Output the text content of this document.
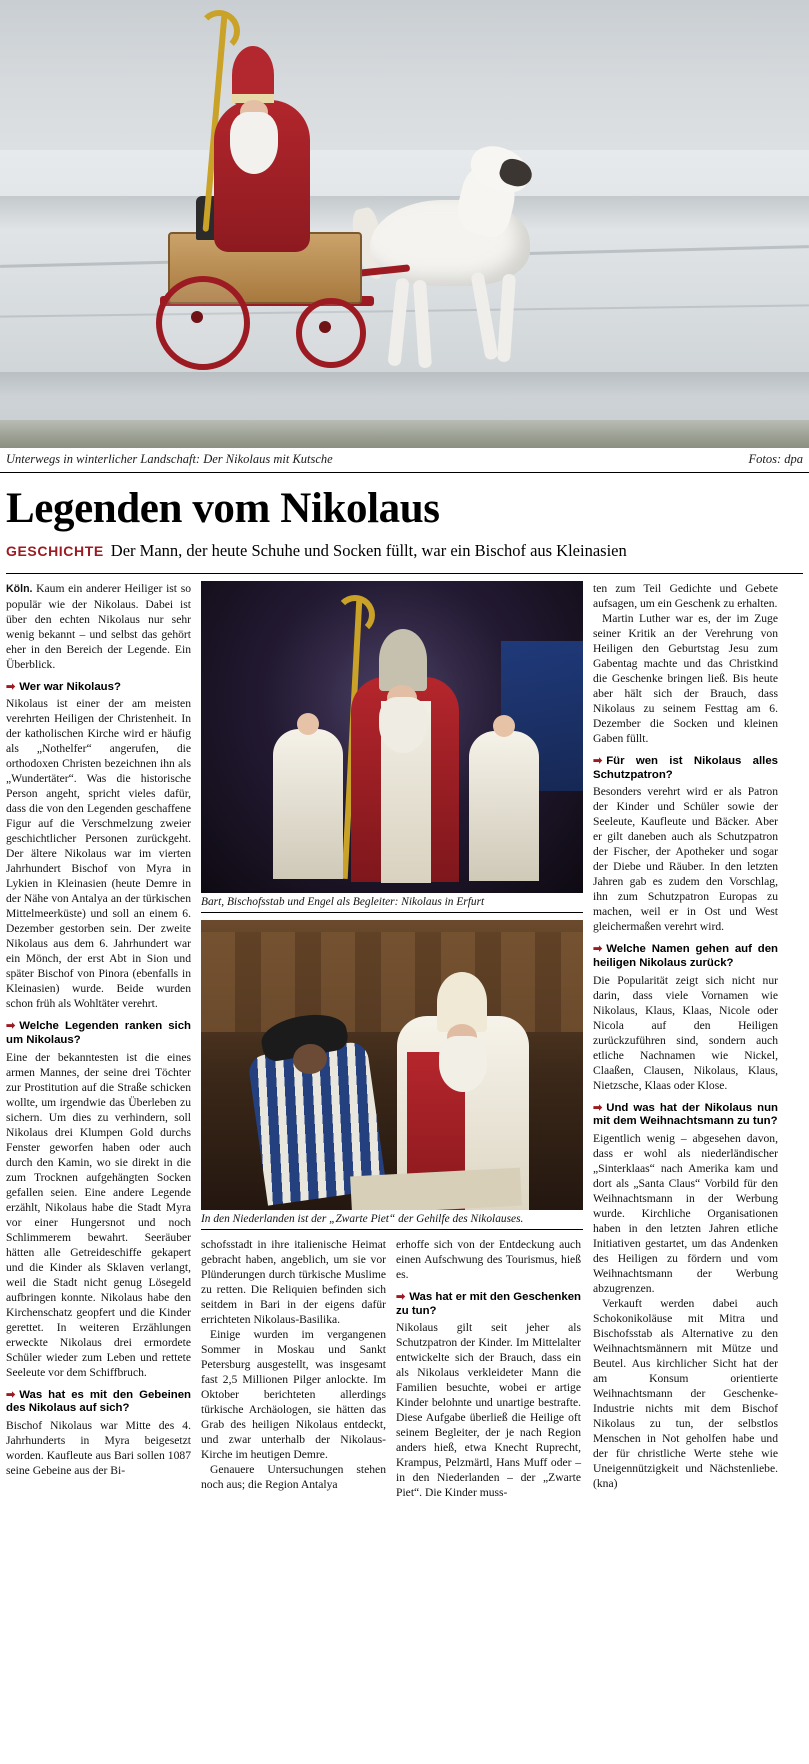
Unterwegs in winterlicher Landschaft: Der Nikolaus mit Kutsche	Fotos: dpa
Legenden vom Nikolaus
GESCHICHTE Der Mann, der heute Schuhe und Socken füllt, war ein Bischof aus Kleinasien

Köln. Kaum ein anderer Heiliger ist so populär wie der Nikolaus. Dabei ist über den echten Nikolaus nur sehr wenig bekannt – und selbst das gehört eher in den Bereich der Legende. Ein Überblick.

➡ Wer war Nikolaus?

Nikolaus ist einer der am meisten verehrten Heiligen der Christenheit. In der katholischen Kirche wird er häufig als „Nothelfer“ angerufen, die orthodoxen Christen bezeichnen ihn als „Wundertäter“. Was die historische Person angeht, spricht vieles dafür, dass die von den Legenden geschaffene Figur auf die Verschmelzung zweier geschichtlicher Personen zurückgeht. Der ältere Nikolaus war im vierten Jahrhundert Bischof von Myra in Lykien in Kleinasien (heute Demre in der Nähe von Antalya an der türkischen Mittelmeerküste) und soll an einem 6. Dezember gestorben sein. Der zweite Nikolaus aus dem 6. Jahrhundert war ein Mönch, der erst Abt in Sion und später Bischof von Pinora (ebenfalls in Kleinasien) wurde. Beide wurden schon früh als Wohltäter verehrt.

➡ Welche Legenden ranken sich um Nikolaus?

Eine der bekanntesten ist die eines armen Mannes, der seine drei Töchter zur Prostitution auf die Straße schicken wollte, um irgendwie das Überleben zu sichern. Um dies zu verhindern, soll Nikolaus drei Klumpen Gold durchs Fenster geworfen haben oder auch durch den Kamin, wo sie direkt in die zum Trocknen aufgehängten Socken gefallen seien. Eine andere Legende erzählt, Nikolaus habe die Stadt Myra vor einer Hungersnot und noch Schlimmerem bewahrt. Seeräuber hätten alle Getreideschiffe gekapert und die Kinder als Sklaven verlangt, weil die Stadt nicht genug Lösegeld aufbringen konnte. Nikolaus habe den Kirchenschatz geopfert und die Kinder gerettet. In weiteren Erzählungen erweckte Nikolaus drei ermordete Schüler wieder zum Leben und rettete Seeleute vor dem Schiffbruch.

➡ Was hat es mit den Gebeinen des Nikolaus auf sich?

Bischof Nikolaus war Mitte des 4. Jahrhunderts in Myra beigesetzt worden. Kaufleute aus Bari sollen 1087 seine Gebeine aus der Bi-

Bart, Bischofsstab und Engel als Begleiter: Nikolaus in Erfurt
In den Niederlanden ist der „Zwarte Piet“ der Gehilfe des Nikolauses.

schofsstadt in ihre italienische Heimat gebracht haben, angeblich, um sie vor Plünderungen durch türkische Muslime zu retten. Die Reliquien befinden sich seitdem in Bari in der eigens dafür errichteten Nikolaus-Basilika.

Einige wurden im vergangenen Sommer in Moskau und Sankt Petersburg ausgestellt, was insgesamt fast 2,5 Millionen Pilger anlockte. Im Oktober berichteten allerdings türkische Archäologen, sie hätten das Grab des heiligen Nikolaus entdeckt, und zwar unterhalb der Nikolaus-Kirche im heutigen Demre.

Genauere Untersuchungen stehen noch aus; die Region Antalya

erhoffe sich von der Entdeckung auch einen Aufschwung des Tourismus, hieß es.

➡ Was hat er mit den Geschenken zu tun?

Nikolaus gilt seit jeher als Schutzpatron der Kinder. Im Mittelalter entwickelte sich der Brauch, dass ein als Nikolaus verkleideter Mann die Familien besuchte, wobei er artige Kinder belohnte und unartige bestrafte. Diese Aufgabe überließ die Heilige oft seinem Begleiter, der je nach Region anders hieß, etwa Knecht Ruprecht, Krampus, Pelzmärtl, Hans Muff oder – in den Niederlanden – der „Zwarte Piet“. Die Kinder muss-

ten zum Teil Gedichte und Gebete aufsagen, um ein Geschenk zu erhalten.

Martin Luther war es, der im Zuge seiner Kritik an der Verehrung von Heiligen den Geburtstag Jesu zum Gabentag machte und das Christkind die Geschenke bringen ließ. Bis heute aber hält sich der Brauch, dass Nikolaus zu seinem Festtag am 6. Dezember die Socken und kleinen Gaben füllt.

➡ Für wen ist Nikolaus alles Schutzpatron?

Besonders verehrt wird er als Patron der Kinder und Schüler sowie der Seeleute, Kaufleute und Bäcker. Aber er gilt daneben auch als Schutzpatron der Fischer, der Apotheker und sogar der Diebe und Räuber. In den letzten Jahren gab es zudem den Vorschlag, ihn zum Schutzpatron Europas zu machen, weil er in Ost und West gleichermaßen verehrt wird.

➡ Welche Namen gehen auf den heiligen Nikolaus zurück?

Die Popularität zeigt sich nicht nur darin, dass viele Vornamen wie Nikolaus, Klaus, Klaas, Nicole oder Nicola auf den Heiligen zurückzuführen sind, sondern auch etliche Nachnamen wie Nickel, Claaßen, Clausen, Nikolaus, Klaus, Nietzsche, Klaas oder Klose.

➡ Und was hat der Nikolaus nun mit dem Weihnachtsmann zu tun?

Eigentlich wenig – abgesehen davon, dass er wohl als niederländischer „Sinterklaas“ nach Amerika kam und dort als „Santa Claus“ Vorbild für den Weihnachtsmann in der Werbung wurde. Kirchliche Organisationen haben in den letzten Jahren etliche Initiativen gestartet, um das Andenken des Heiligen zu fördern und vom Weihnachtsmann der Werbung abzugrenzen.

Verkauft werden dabei auch Schokonikoläuse mit Mitra und Bischofsstab als Alternative zu den Weihnachtsmännern mit Mütze und Beutel. Aus kirchlicher Sicht hat der am Konsum orientierte Weihnachtsmann der Geschenke-Industrie nichts mit dem Bischof Nikolaus zu tun, der selbstlos Menschen in Not geholfen habe und der für christliche Werte stehe wie Uneigennützigkeit und Nächstenliebe. (kna)
